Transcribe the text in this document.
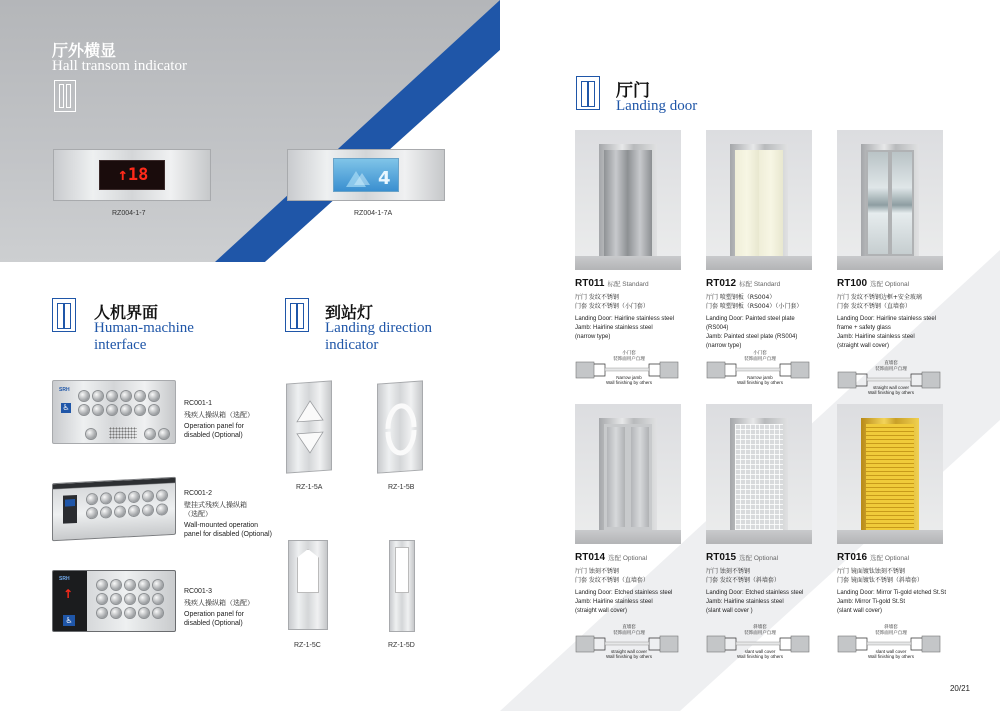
厅外横显
Hall transom indicator
↑18
RZ004-1-7
4
RZ004-1-7A
人机界面
Human-machine
interface
到站灯
Landing direction
indicator
SRH
♿	RC001-1
残疾人操纵箱（选配）
Operation panel for
disabled (Optional)
RC001-2
壁挂式残疾人操纵箱
（选配）
Wall-mounted operation
panel for disabled (Optional)
SRH
↑
♿
RC001-3
残疾人操纵箱（选配）
Operation panel for
disabled (Optional)
RZ-1-5A	RZ-1-5B
RZ-1-5C	RZ-1-5D
厅门
Landing door
RT011 标配 Standard
厅门 发纹不锈钢
门套 发纹不锈钢（小门套）
Landing Door: Hairline stainless steel
Jamb: Hairline stainless steel
(narrow type)
小门套
装饰面用户自理
Narrow jamb
Wall finishing by others
RT012 标配 Standard
厅门 喷塑钢板（RS004）
门套 喷塑钢板（RS004）（小门套）
Landing Door: Painted steel plate (RS004)
Jamb: Painted steel plate (RS004)
(narrow type)
小门套
装饰面用户自理
Narrow jamb
Wall finishing by others
RT100 选配 Optional
厅门 发纹不锈钢边框+安全玻璃
门套 发纹不锈钢（直墙套）
Landing Door: Hairline stainless steel
frame + safety glass
Jamb: Hairline stainless steel
(straight wall cover)
直墙套
装饰面用户自理
straight wall cover
Wall finishing by others
RT014 选配 Optional
厅门 蚀刻不锈钢
门套 发纹不锈钢（直墙套）
Landing Door: Etched stainless steel
Jamb: Hairline stainless steel
(straight wall cover)
直墙套
装饰面用户自理
straight wall cover
Wall finishing by others
RT015 选配 Optional
厅门 蚀刻不锈钢
门套 发纹不锈钢（斜墙套）
Landing Door: Etched stainless steel
Jamb: Hairline stainless steel
(slant wall cover )
斜墙套
装饰面用户自理
slant wall cover
Wall finishing by others
RT016 选配 Optional
厅门 镜面镀钛蚀刻不锈钢
门套 镜面镀钛不锈钢（斜墙套）
Landing Door: Mirror Ti-gold etched St.St
Jamb: Mirror Ti-gold St.St
(slant wall cover)
斜墙套
装饰面用户自理
slant wall cover
Wall finishing by others
20/21
